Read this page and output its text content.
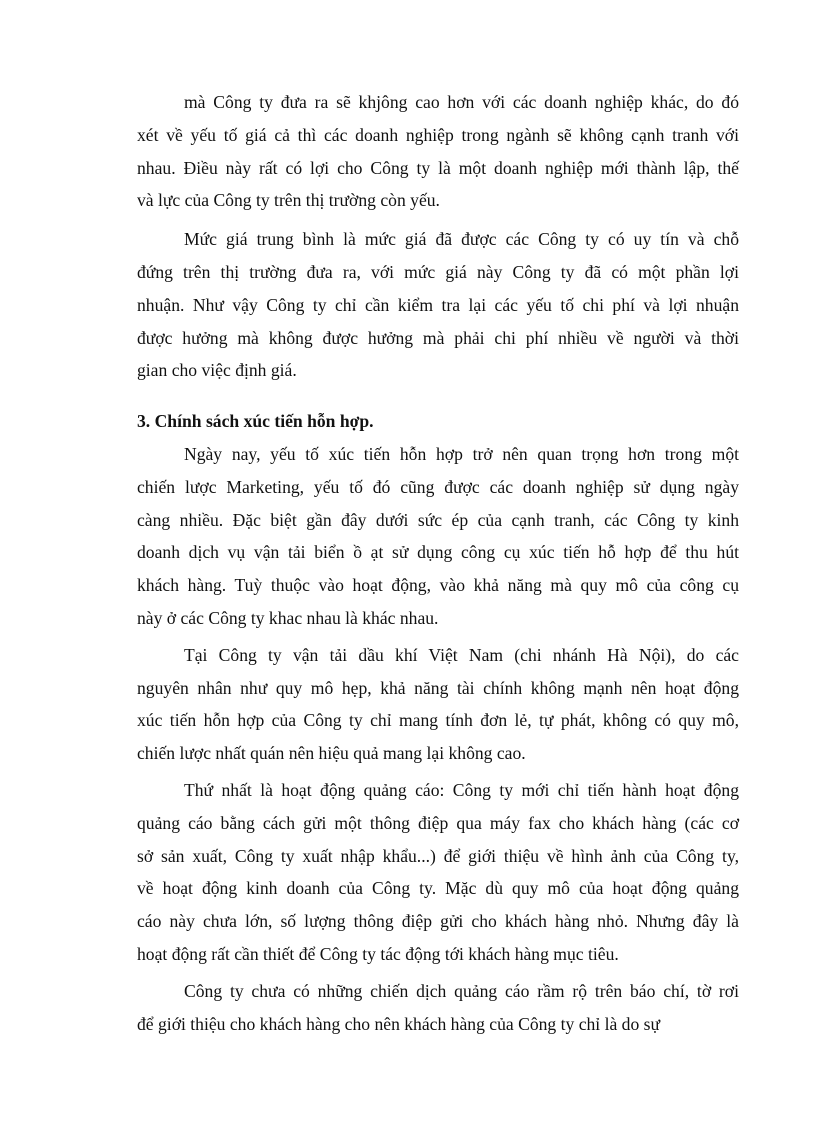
mà Công ty đưa ra sẽ khjông cao hơn với các doanh nghiệp khác, do đó
xét về yếu tố giá cả thì các doanh nghiệp trong ngành sẽ không cạnh tranh với
nhau. Điều này rất có lợi cho Công ty là một doanh nghiệp mới thành lập, thế
và lực của Công ty trên thị trường còn yếu.

Mức giá trung bình là mức giá đã được các Công ty có uy tín và chỗ
đứng trên thị trường đưa ra, với mức giá này Công ty đã có một phần lợi
nhuận. Như vậy Công ty chỉ cần kiểm tra lại các yếu tố chi phí và lợi nhuận
được hưởng mà không được hưởng mà phải chi phí nhiều về người và thời
gian cho việc định giá.

3. Chính sách xúc tiến hỗn hợp.

Ngày nay, yếu tố xúc tiến hỗn hợp trở nên quan trọng hơn trong một
chiến lược Marketing, yếu tố đó cũng được các doanh nghiệp sử dụng ngày
càng nhiều. Đặc biệt gần đây dưới sức ép của cạnh tranh, các Công ty kinh
doanh dịch vụ vận tải biển ồ ạt sử dụng công cụ xúc tiến hỗ hợp để thu hút
khách hàng. Tuỳ thuộc vào hoạt động, vào khả năng mà quy mô của công cụ
này ở các Công ty khac nhau là khác nhau.

Tại Công ty vận tải dầu khí Việt Nam (chi nhánh Hà Nội), do các
nguyên nhân như quy mô hẹp, khả năng tài chính không mạnh nên hoạt động
xúc tiến hỗn hợp của Công ty chỉ mang tính đơn lẻ, tự phát, không có quy mô,
chiến lược nhất quán nên hiệu quả mang lại không cao.

Thứ nhất là hoạt động quảng cáo: Công ty mới chỉ tiến hành hoạt động
quảng cáo bằng cách gửi một thông điệp qua máy fax cho khách hàng (các cơ
sở sản xuất, Công ty xuất nhập khẩu...) để giới thiệu về hình ảnh của Công ty,
về hoạt động kinh doanh của Công ty. Mặc dù quy mô của hoạt động quảng
cáo này chưa lớn, số lượng thông điệp gửi cho khách hàng nhỏ. Nhưng đây là
hoạt động rất cần thiết để Công ty tác động tới khách hàng mục tiêu.

Công ty chưa có những chiến dịch quảng cáo rầm rộ trên báo chí, tờ rơi
để giới thiệu cho khách hàng cho nên khách hàng của Công ty chỉ là do sự
